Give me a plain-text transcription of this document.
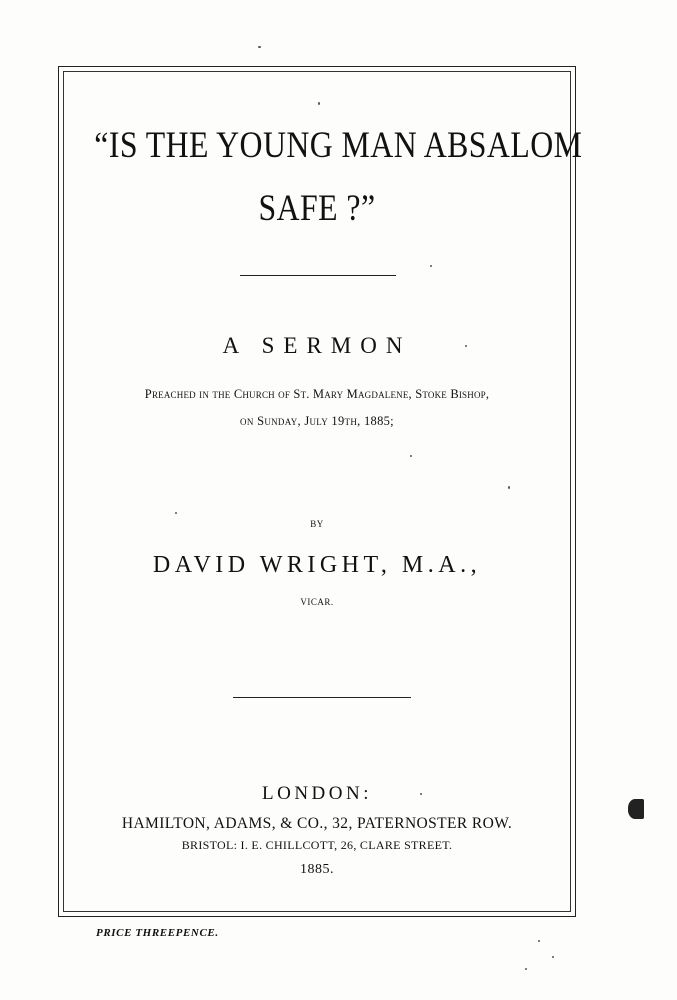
“IS THE YOUNG MAN ABSALOM
SAFE ?”
A SERMON
Preached in the Church of St. Mary Magdalene, Stoke Bishop,
on Sunday, July 19th, 1885;
BY
DAVID WRIGHT, M.A.,
VICAR.
LONDON:
HAMILTON, ADAMS, & CO., 32, PATERNOSTER ROW.
BRISTOL: I. E. CHILLCOTT, 26, CLARE STREET.
1885.
PRICE THREEPENCE.
